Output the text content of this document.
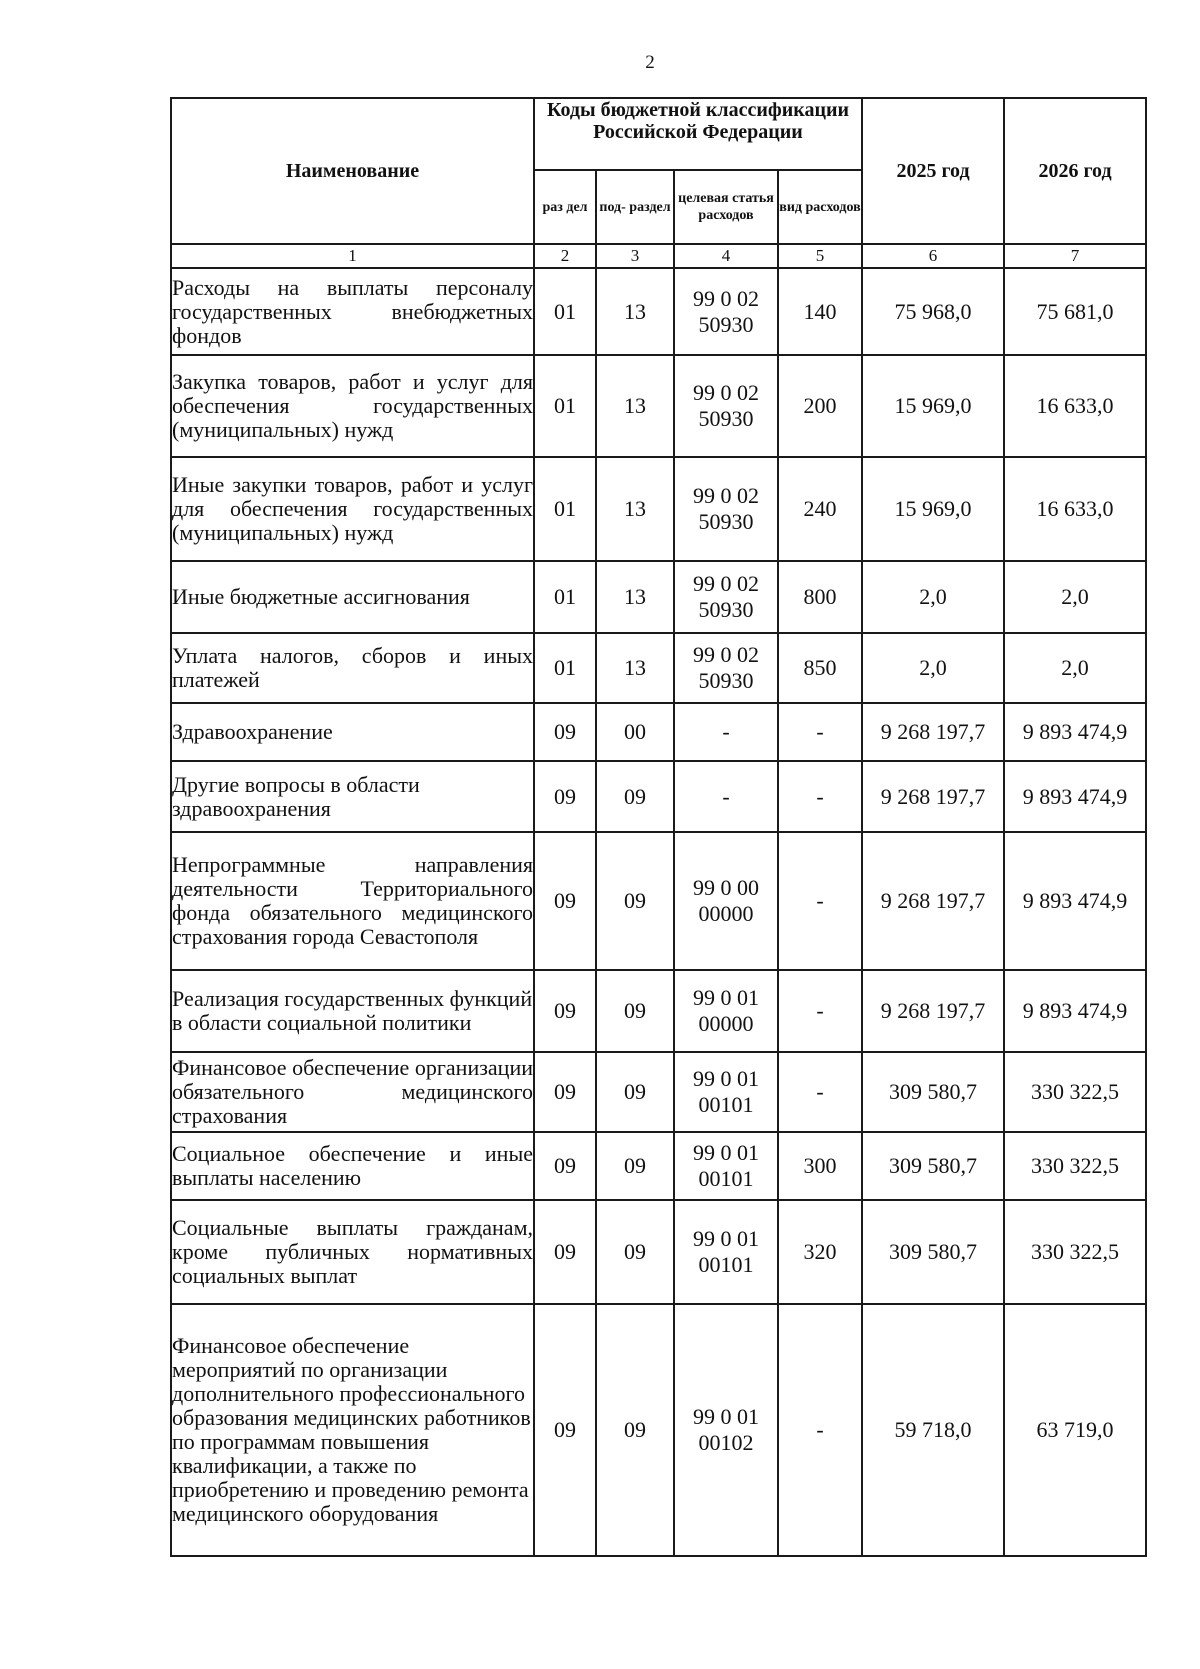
2
Наименование	Коды бюджетной классификации Российской Федерации				2025 год	2026 год
	раз дел	под- раздел	целевая статья расходов	вид расходов		
1	2	3	4	5	6	7
Расходы на выплаты персоналу государственных внебюджетных фондов	01	13	99 0 02 50930	140	75 968,0	75 681,0
Закупка товаров, работ и услуг для обеспечения государственных (муниципальных) нужд	01	13	99 0 02 50930	200	15 969,0	16 633,0
Иные закупки товаров, работ и услуг для обеспечения государственных (муниципальных) нужд	01	13	99 0 02 50930	240	15 969,0	16 633,0
Иные бюджетные ассигнования	01	13	99 0 02 50930	800	2,0	2,0
Уплата налогов, сборов и иных платежей	01	13	99 0 02 50930	850	2,0	2,0
Здравоохранение	09	00	-	-	9 268 197,7	9 893 474,9
Другие вопросы в области здравоохранения	09	09	-	-	9 268 197,7	9 893 474,9
Непрограммные направления деятельности Территориального фонда обязательного медицинского страхования города Севастополя	09	09	99 0 00 00000	-	9 268 197,7	9 893 474,9
Реализация государственных функций в области социальной политики	09	09	99 0 01 00000	-	9 268 197,7	9 893 474,9
Финансовое обеспечение организации обязательного медицинского страхования	09	09	99 0 01 00101	-	309 580,7	330 322,5
Социальное обеспечение и иные выплаты населению	09	09	99 0 01 00101	300	309 580,7	330 322,5
Социальные выплаты гражданам, кроме публичных нормативных социальных выплат	09	09	99 0 01 00101	320	309 580,7	330 322,5
Финансовое обеспечение мероприятий по организации дополнительного профессионального образования медицинских работников по программам повышения квалификации, а также по приобретению и проведению ремонта медицинского оборудования	09	09	99 0 01 00102	-	59 718,0	63 719,0
